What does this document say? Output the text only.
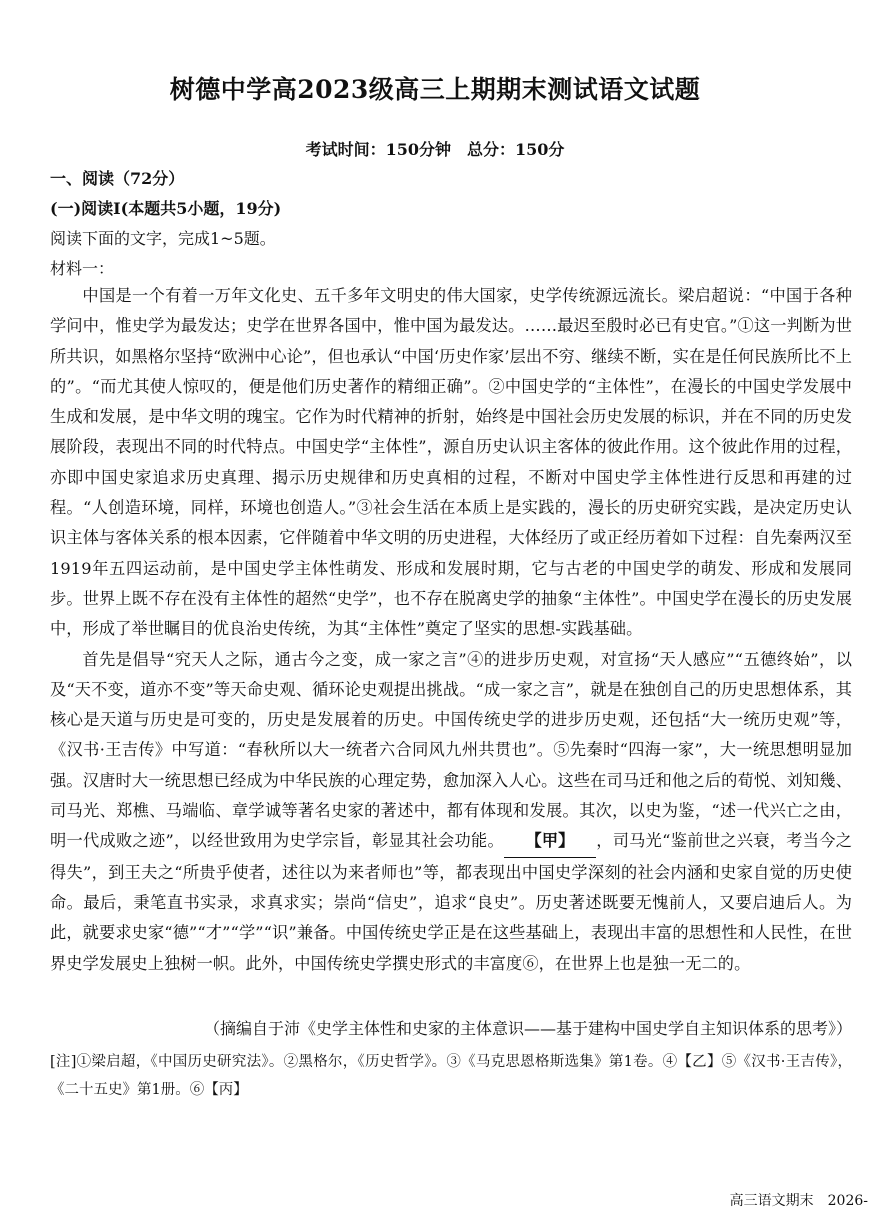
树德中学高2023级高三上期期末测试语文试题
考试时间：150分钟　总分：150分
一、阅读（72分）
(一)阅读Ⅰ(本题共5小题，19分)
阅读下面的文字，完成1~5题。
材料一：

中国是一个有着一万年文化史、五千多年文明史的伟大国家，史学传统源远流长。梁启超说：“中国于各种学问中，惟史学为最发达；史学在世界各国中，惟中国为最发达。……最迟至殷时必已有史官。”①这一判断为世所共识，如黑格尔坚持“欧洲中心论”，但也承认“中国‘历史作家’层出不穷、继续不断，实在是任何民族所比不上的”。“而尤其使人惊叹的，便是他们历史著作的精细正确”。②中国史学的“主体性”，在漫长的中国史学发展中生成和发展，是中华文明的瑰宝。它作为时代精神的折射，始终是中国社会历史发展的标识，并在不同的历史发展阶段，表现出不同的时代特点。中国史学“主体性”，源自历史认识主客体的彼此作用。这个彼此作用的过程，亦即中国史家追求历史真理、揭示历史规律和历史真相的过程，不断对中国史学主体性进行反思和再建的过程。“人创造环境，同样，环境也创造人。”③社会生活在本质上是实践的，漫长的历史研究实践，是决定历史认识主体与客体关系的根本因素，它伴随着中华文明的历史进程，大体经历了或正经历着如下过程：自先秦两汉至1919年五四运动前，是中国史学主体性萌发、形成和发展时期，它与古老的中国史学的萌发、形成和发展同步。世界上既不存在没有主体性的超然“史学”，也不存在脱离史学的抽象“主体性”。中国史学在漫长的历史发展中，形成了举世瞩目的优良治史传统，为其“主体性”奠定了坚实的思想-实践基础。

首先是倡导“究天人之际，通古今之变，成一家之言”④的进步历史观，对宣扬“天人感应”“五德终始”，以及“天不变，道亦不变”等天命史观、循环论史观提出挑战。“成一家之言”，就是在独创自己的历史思想体系，其核心是天道与历史是可变的，历史是发展着的历史。中国传统史学的进步历史观，还包括“大一统历史观”等，《汉书·王吉传》中写道：“春秋所以大一统者六合同风九州共贯也”。⑤先秦时“四海一家”，大一统思想明显加强。汉唐时大一统思想已经成为中华民族的心理定势，愈加深入人心。这些在司马迁和他之后的荀悦、刘知幾、司马光、郑樵、马端临、章学诚等著名史家的著述中，都有体现和发展。其次，以史为鉴，“述一代兴亡之由，明一代成败之迹”，以经世致用为史学宗旨，彰显其社会功能。 【甲】 ，司马光“鉴前世之兴衰，考当今之得失”，到王夫之“所贵乎使者，述往以为来者师也”等，都表现出中国史学深刻的社会内涵和史家自觉的历史使命。最后，秉笔直书实录，求真求实；崇尚“信史”，追求“良史”。历史著述既要无愧前人，又要启迪后人。为此，就要求史家“德”“才”“学”“识”兼备。中国传统史学正是在这些基础上，表现出丰富的思想性和人民性，在世界史学发展史上独树一帜。此外，中国传统史学撰史形式的丰富度⑥，在世界上也是独一无二的。

（摘编自于沛《史学主体性和史家的主体意识——基于建构中国史学自主知识体系的思考》）
[注]①梁启超，《中国历史研究法》。②黑格尔，《历史哲学》。③《马克思恩格斯选集》第1卷。④【乙】⑤《汉书·王吉传》，《二十五史》第1册。⑥【丙】
高三语文期末　2026-
